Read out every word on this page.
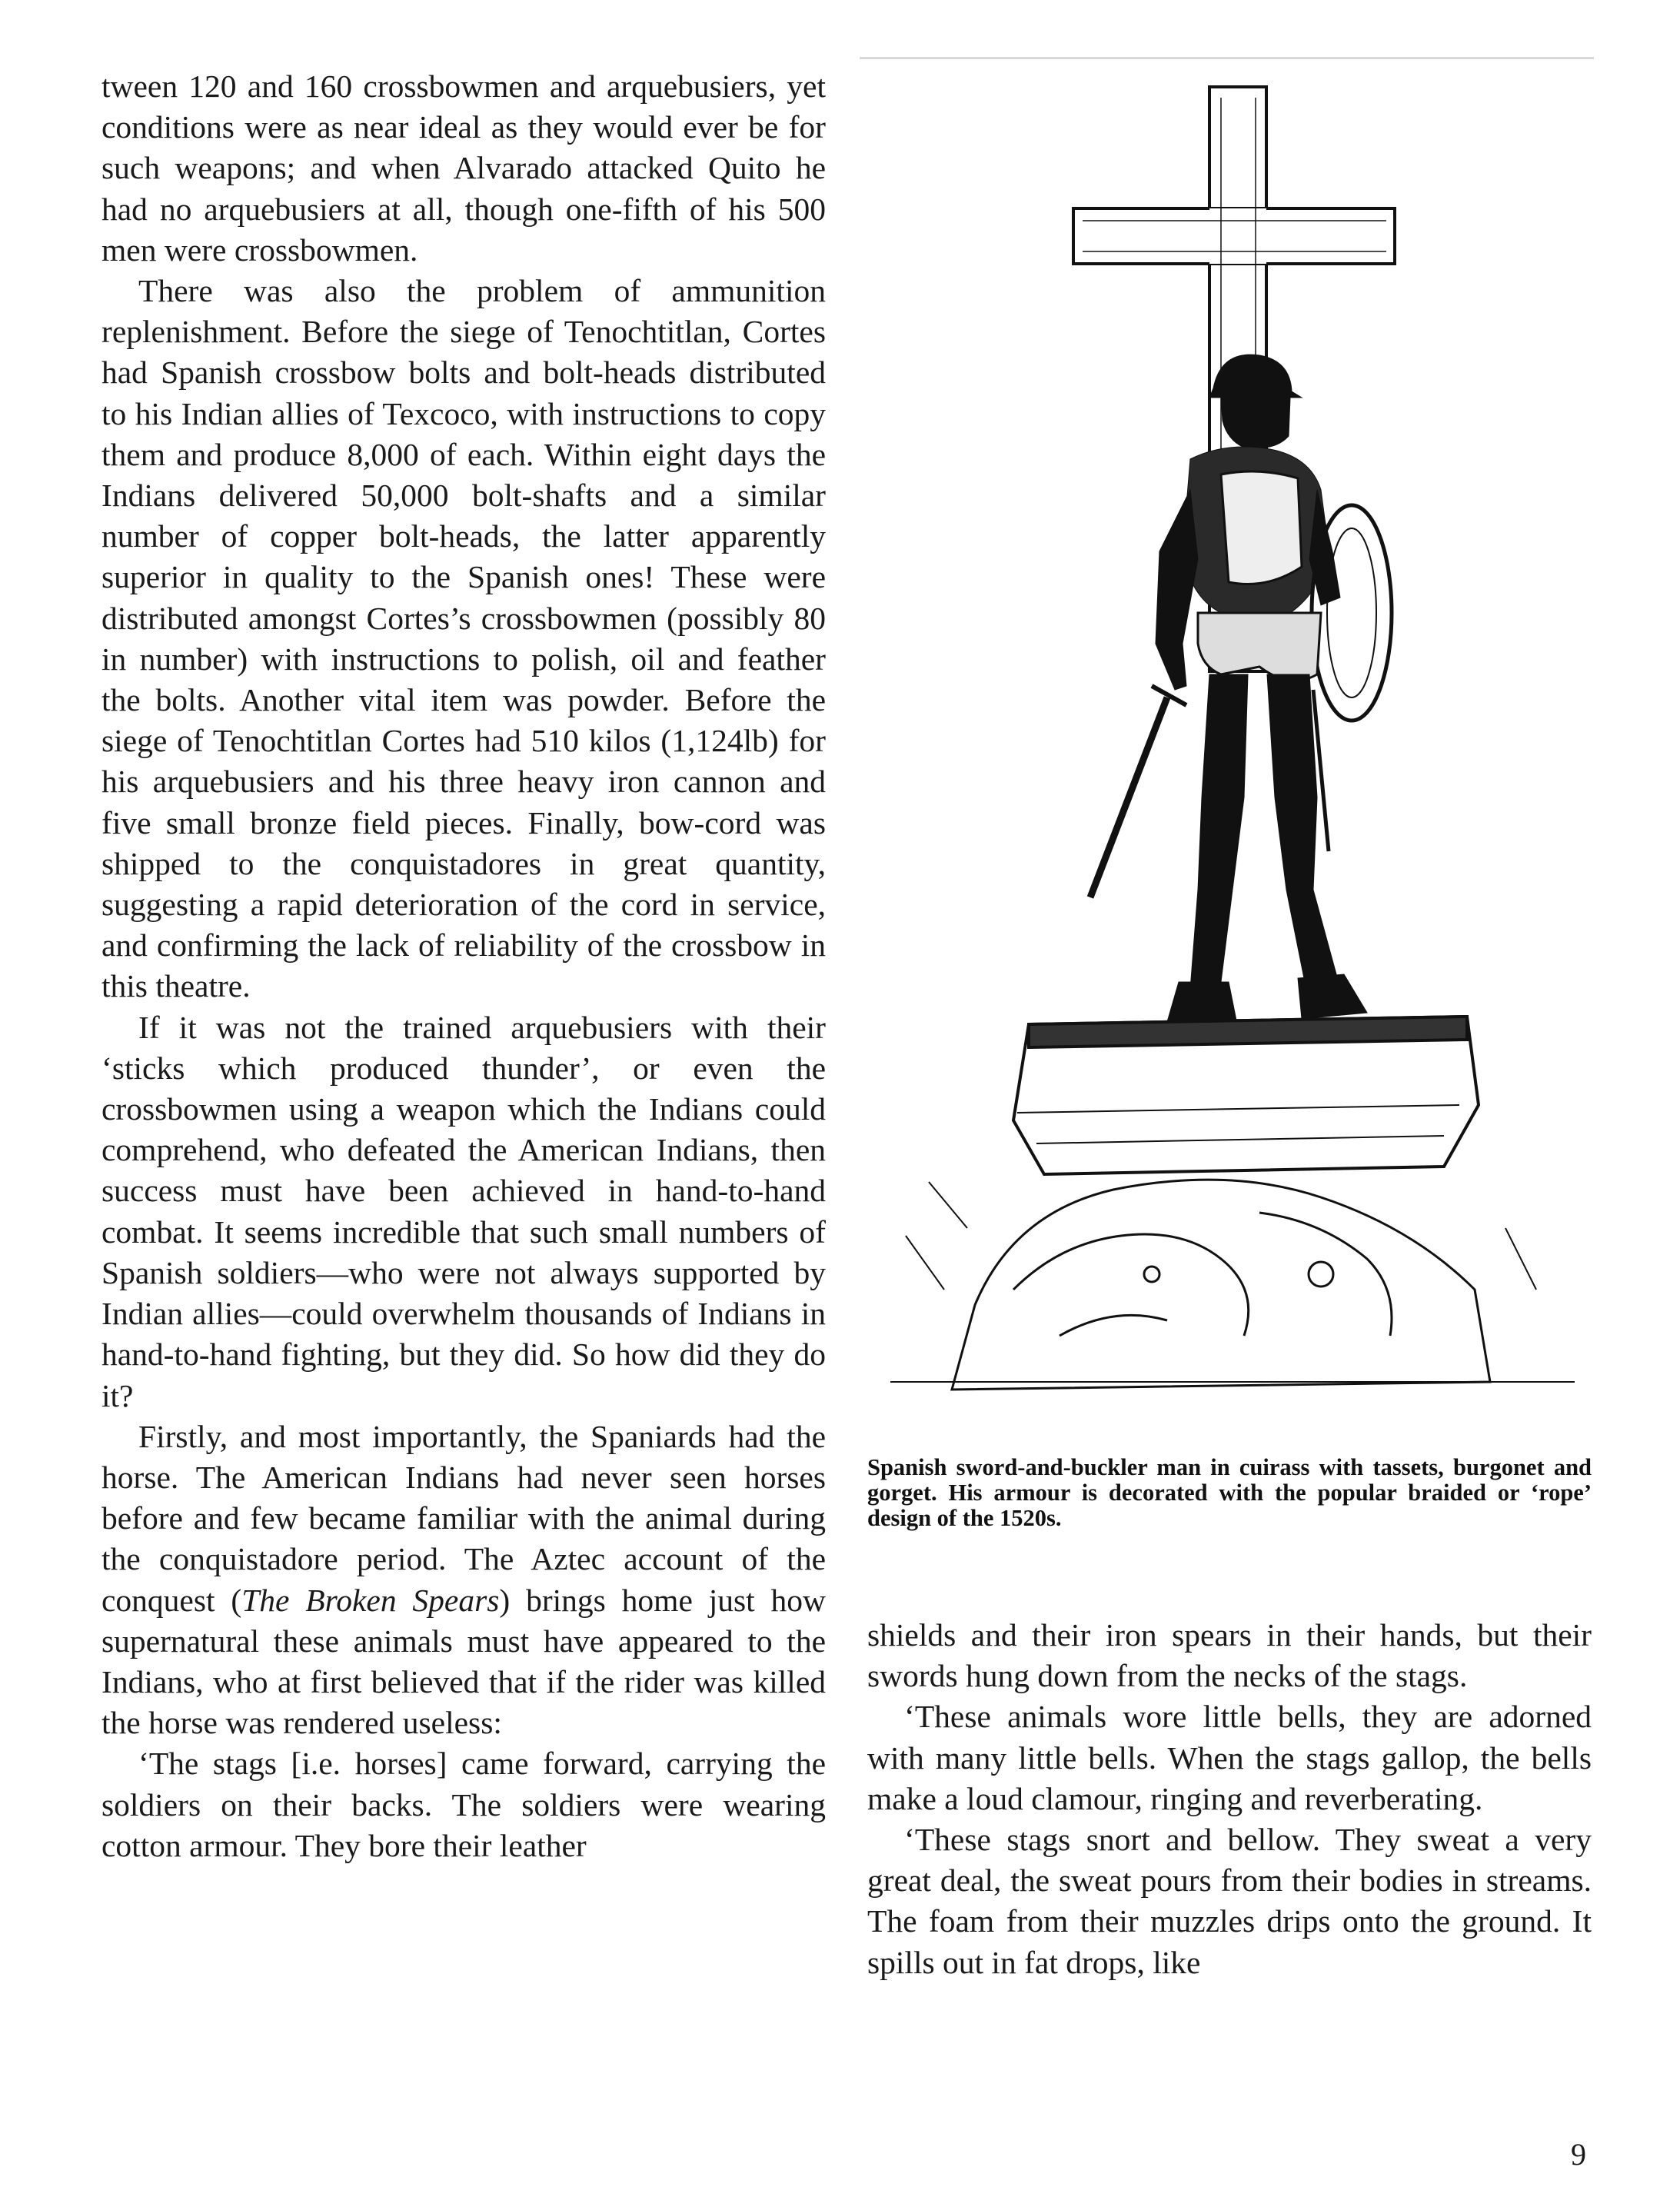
tween 120 and 160 crossbowmen and arquebusiers, yet conditions were as near ideal as they would ever be for such weapons; and when Alvarado attacked Quito he had no arquebusiers at all, though one-fifth of his 500 men were crossbowmen.

There was also the problem of ammunition replenishment. Before the siege of Tenochtitlan, Cortes had Spanish crossbow bolts and bolt-heads distributed to his Indian allies of Texcoco, with instructions to copy them and produce 8,000 of each. Within eight days the Indians delivered 50,000 bolt-shafts and a similar number of copper bolt-heads, the latter apparently superior in quality to the Spanish ones! These were distributed amongst Cortes’s crossbowmen (possibly 80 in number) with instructions to polish, oil and feather the bolts. Another vital item was powder. Before the siege of Tenochtitlan Cortes had 510 kilos (1,124lb) for his arquebusiers and his three heavy iron cannon and five small bronze field pieces. Finally, bow-cord was shipped to the conquistadores in great quantity, suggesting a rapid deterioration of the cord in service, and confirming the lack of reliability of the crossbow in this theatre.

If it was not the trained arquebusiers with their ‘sticks which produced thunder’, or even the crossbowmen using a weapon which the Indians could comprehend, who defeated the American Indians, then success must have been achieved in hand-to-hand combat. It seems incredible that such small numbers of Spanish soldiers—who were not always supported by Indian allies—could overwhelm thousands of Indians in hand-to-hand fighting, but they did. So how did they do it?

Firstly, and most importantly, the Spaniards had the horse. The American Indians had never seen horses before and few became familiar with the animal during the conquistadore period. The Aztec account of the conquest (The Broken Spears) brings home just how supernatural these animals must have appeared to the Indians, who at first believed that if the rider was killed the horse was rendered useless:

‘The stags [i.e. horses] came forward, carrying the soldiers on their backs. The soldiers were wearing cotton armour. They bore their leather

Spanish sword-and-buckler man in cuirass with tassets, burgonet and gorget. His armour is decorated with the popular braided or ‘rope’ design of the 1520s.

shields and their iron spears in their hands, but their swords hung down from the necks of the stags.

‘These animals wore little bells, they are adorned with many little bells. When the stags gallop, the bells make a loud clamour, ringing and reverberating.

‘These stags snort and bellow. They sweat a very great deal, the sweat pours from their bodies in streams. The foam from their muzzles drips onto the ground. It spills out in fat drops, like

9
